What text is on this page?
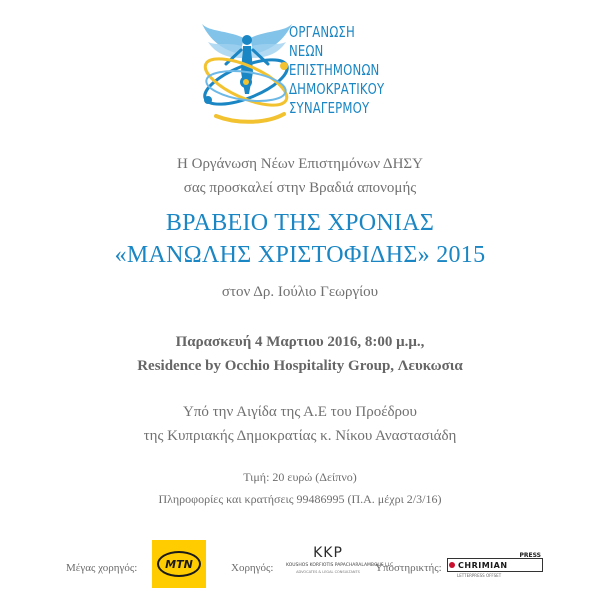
ΟΡΓΑΝΩΣΗ
ΝΕΩΝ
ΕΠΙΣΤΗΜΟΝΩΝ
ΔΗΜΟΚΡΑΤΙΚΟΥ
ΣΥΝΑΓΕΡΜΟΥ
Η Οργάνωση Νέων Επιστημόνων ΔΗΣΥ
σας προσκαλεί στην Βραδιά απονομής
ΒΡΑΒΕΙΟ ΤΗΣ ΧΡΟΝΙΑΣ
«ΜΑΝΩΛΗΣ ΧΡΙΣΤΟΦΙΔΗΣ» 2015
στον Δρ. Ιούλιο Γεωργίου
Παρασκευή 4 Μαρτιου 2016, 8:00 μ.μ.,
Residence by Occhio Hospitality Group, Λευκωσια
Υπό την Αιγίδα της Α.Ε του Προέδρου
της Κυπριακής Δημοκρατίας κ. Νίκου Αναστασιάδη
Τιμή: 20 ευρώ (Δείπνο)
Πληροφορίες και κρατήσεις 99486995 (Π.Α. μέχρι 2/3/16)
Μέγας χορηγός:	Χορηγός:	Υποστηρικτής:
MTN
KKP
KOUSHOS KORFIOTIS PAPACHARALAMBOUS LLC
ADVOCATES & LEGAL CONSULTANTS
CHRIMIAN
PRESS
LETTERPRESS OFFSET
